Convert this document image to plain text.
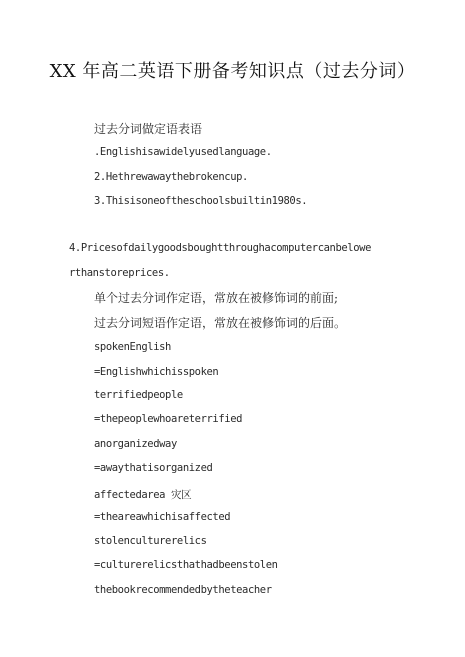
XX 年高二英语下册备考知识点（过去分词）
过去分词做定语表语
.Englishisawidelyusedlanguage.
2.Hethrewawaythebrokencup.
3.Thisisoneoftheschoolsbuiltin1980s.
4.Pricesofdailygoodsboughtthroughacomputercanbelowe
rthanstoreprices.
单个过去分词作定语，常放在被修饰词的前面;
过去分词短语作定语，常放在被修饰词的后面。
spokenEnglish
=Englishwhichisspoken
terrifiedpeople
=thepeoplewhoareterrified
anorganizedway
=awaythatisorganized
affectedarea 灾区
=theareawhichisaffected
stolenculturerelics
=culturerelicsthathadbeenstolen
thebookrecommendedbytheteacher
